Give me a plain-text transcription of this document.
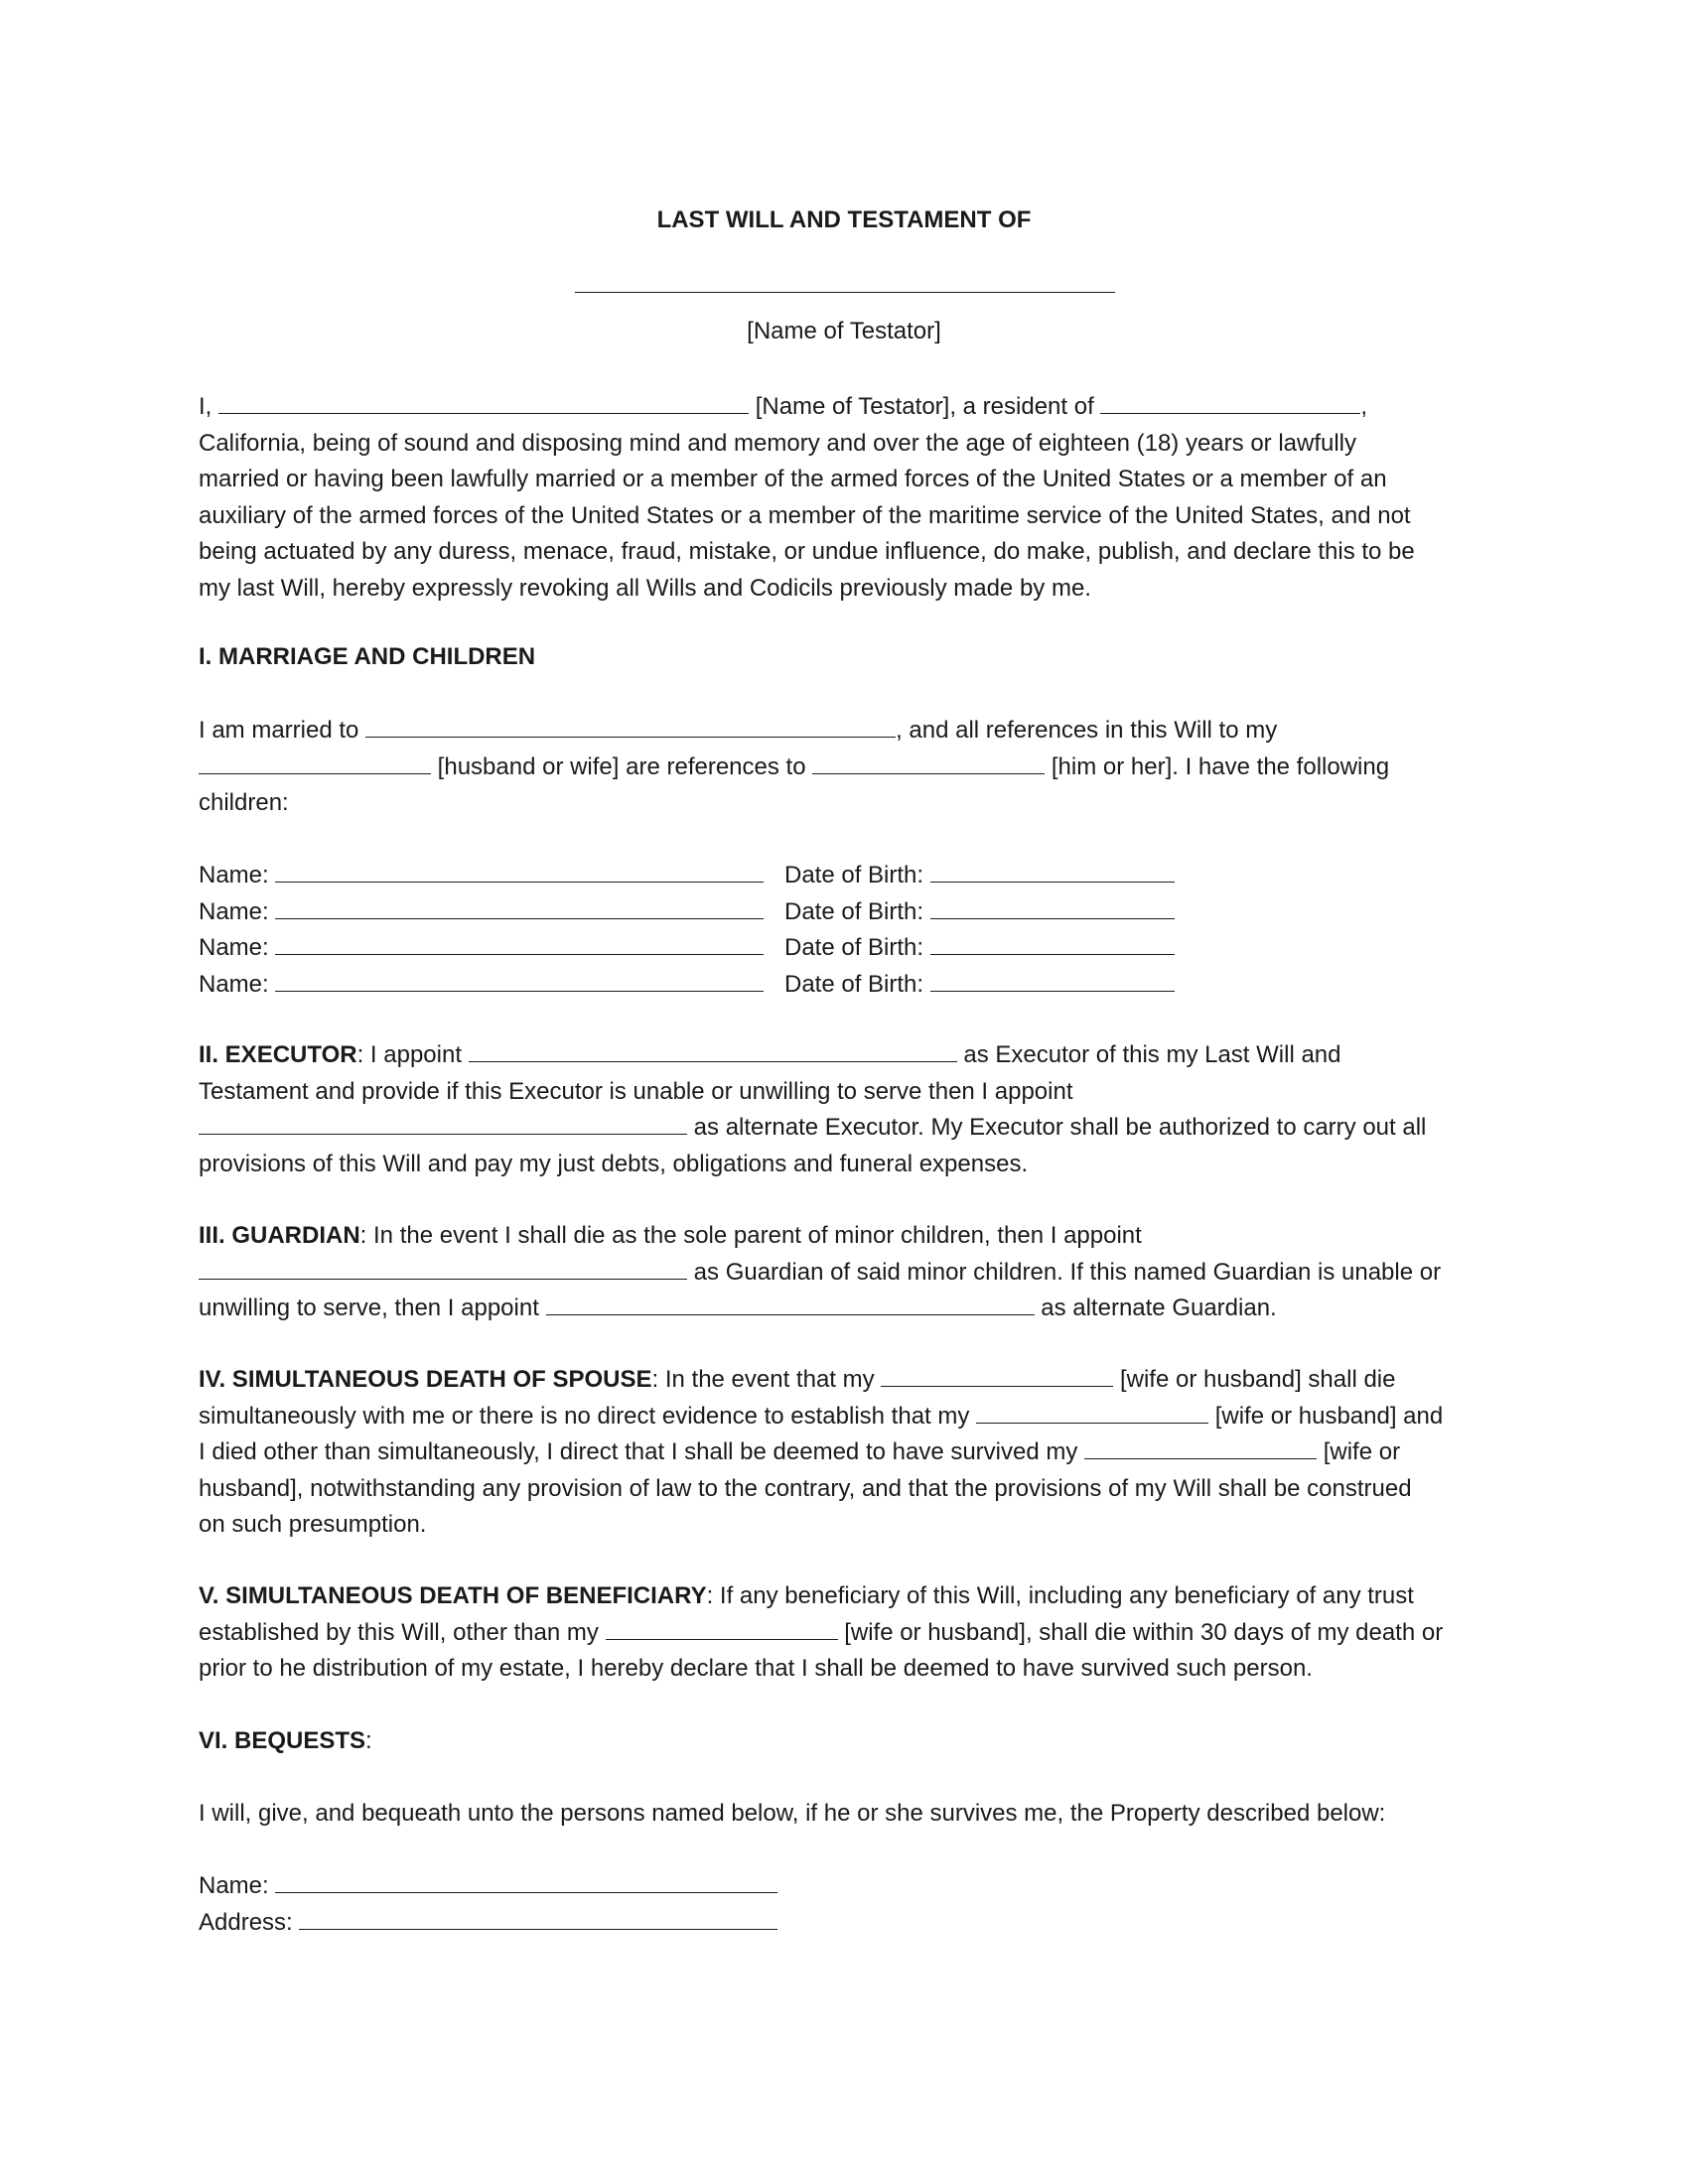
LAST WILL AND TESTAMENT OF
[Name of Testator]
I,	[Name of Testator], a resident of	,
California, being of sound and disposing mind and memory and over the age of eighteen (18) years or lawfully
married or having been lawfully married or a member of the armed forces of the United States or a member of an
auxiliary of the armed forces of the United States or a member of the maritime service of the United States, and not
being actuated by any duress, menace, fraud, mistake, or undue influence, do make, publish, and declare this to be
my last Will, hereby expressly revoking all Wills and Codicils previously made by me.
I. MARRIAGE AND CHILDREN
I am married to	, and all references in this Will to my
[husband or wife] are references to	[him or her]. I have the following
children:
Name:	Date of Birth:
Name:	Date of Birth:
Name:	Date of Birth:
Name:	Date of Birth:
II. EXECUTOR: I appoint	as Executor of this my Last Will and
Testament and provide if this Executor is unable or unwilling to serve then I appoint
as alternate Executor. My Executor shall be authorized to carry out all
provisions of this Will and pay my just debts, obligations and funeral expenses.
III. GUARDIAN: In the event I shall die as the sole parent of minor children, then I appoint
as Guardian of said minor children. If this named Guardian is unable or
unwilling to serve, then I appoint	as alternate Guardian.
IV. SIMULTANEOUS DEATH OF SPOUSE: In the event that my	[wife or husband] shall die
simultaneously with me or there is no direct evidence to establish that my	[wife or husband] and
I died other than simultaneously, I direct that I shall be deemed to have survived my	[wife or
husband], notwithstanding any provision of law to the contrary, and that the provisions of my Will shall be construed
on such presumption.
V. SIMULTANEOUS DEATH OF BENEFICIARY: If any beneficiary of this Will, including any beneficiary of any trust
established by this Will, other than my	[wife or husband], shall die within 30 days of my death or
prior to he distribution of my estate, I hereby declare that I shall be deemed to have survived such person.
VI. BEQUESTS:
I will, give, and bequeath unto the persons named below, if he or she survives me, the Property described below:
Name:
Address:
